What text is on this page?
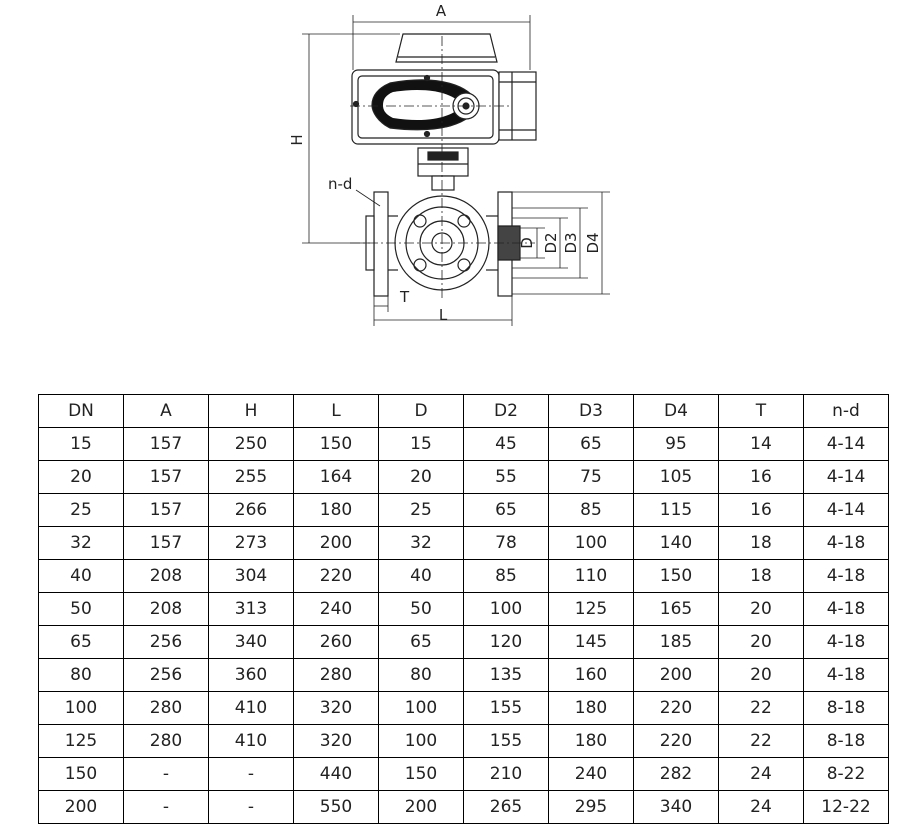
A
H
n-d
T
L
D D2 D3 D4
DN	A	H	L	D	D2	D3	D4	T	n-d
15	157	250	150	15	45	65	95	14	4-14
20	157	255	164	20	55	75	105	16	4-14
25	157	266	180	25	65	85	115	16	4-14
32	157	273	200	32	78	100	140	18	4-18
40	208	304	220	40	85	110	150	18	4-18
50	208	313	240	50	100	125	165	20	4-18
65	256	340	260	65	120	145	185	20	4-18
80	256	360	280	80	135	160	200	20	4-18
100	280	410	320	100	155	180	220	22	8-18
125	280	410	320	100	155	180	220	22	8-18
150	-	-	440	150	210	240	282	24	8-22
200	-	-	550	200	265	295	340	24	12-22
